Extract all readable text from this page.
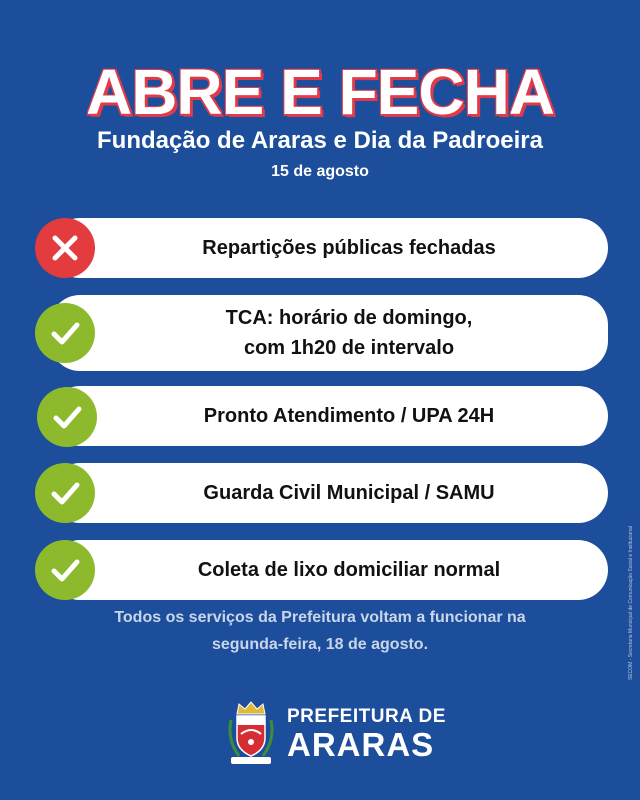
ABRE E FECHA
Fundação de Araras e Dia da Padroeira
15 de agosto
Repartições públicas fechadas
TCA: horário de domingo,
com 1h20 de intervalo
Pronto Atendimento / UPA 24H
Guarda Civil Municipal / SAMU
Coleta de lixo domiciliar normal
Todos os serviços da Prefeitura voltam a funcionar na
segunda-feira, 18 de agosto.	SECOM - Secretaria Municipal de Comunicação Social e Institucional
PREFEITURA DE
ARARAS
